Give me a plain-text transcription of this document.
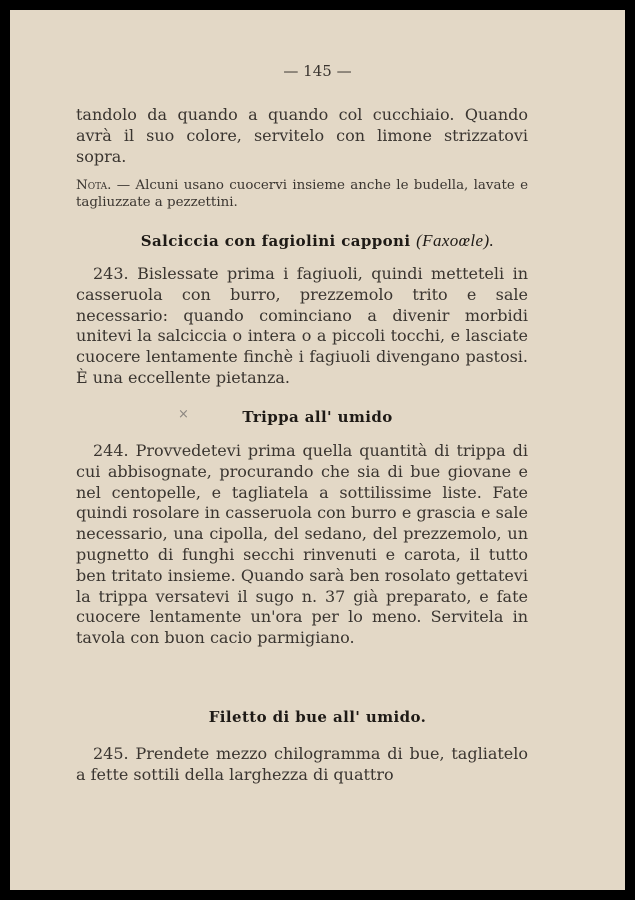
— 145 —

tandolo da quando a quando col cucchiaio. Quando avrà il suo colore, servitelo con limone strizzatovi sopra.

Nota. — Alcuni usano cuocervi insieme anche le budella, lavate e tagliuzzate a pezzettini.

Salciccia con fagiolini capponi (Faxoœle).

243. Bislessate prima i fagiuoli, quindi metteteli in casseruola con burro, prezzemolo trito e sale necessario: quando cominciano a divenir morbidi unitevi la salciccia o intera o a piccoli tocchi, e lasciate cuocere lentamente finchè i fagiuoli divengano pastosi. È una eccellente pietanza.

×	Trippa all' umido

244. Provvedetevi prima quella quantità di trippa di cui abbisognate, procurando che sia di bue giovane e nel centopelle, e tagliatela a sottilissime liste. Fate quindi rosolare in casseruola con burro e grascia e sale necessario, una cipolla, del sedano, del prezzemolo, un pugnetto di funghi secchi rinvenuti e carota, il tutto ben tritato insieme. Quando sarà ben rosolato gettatevi la trippa versatevi il sugo n. 37 già preparato, e fate cuocere lentamente un'ora per lo meno. Servitela in tavola con buon cacio parmigiano.

Filetto di bue all' umido.

245. Prendete mezzo chilogramma di bue, tagliatelo a fette sottili della larghezza di quattro
